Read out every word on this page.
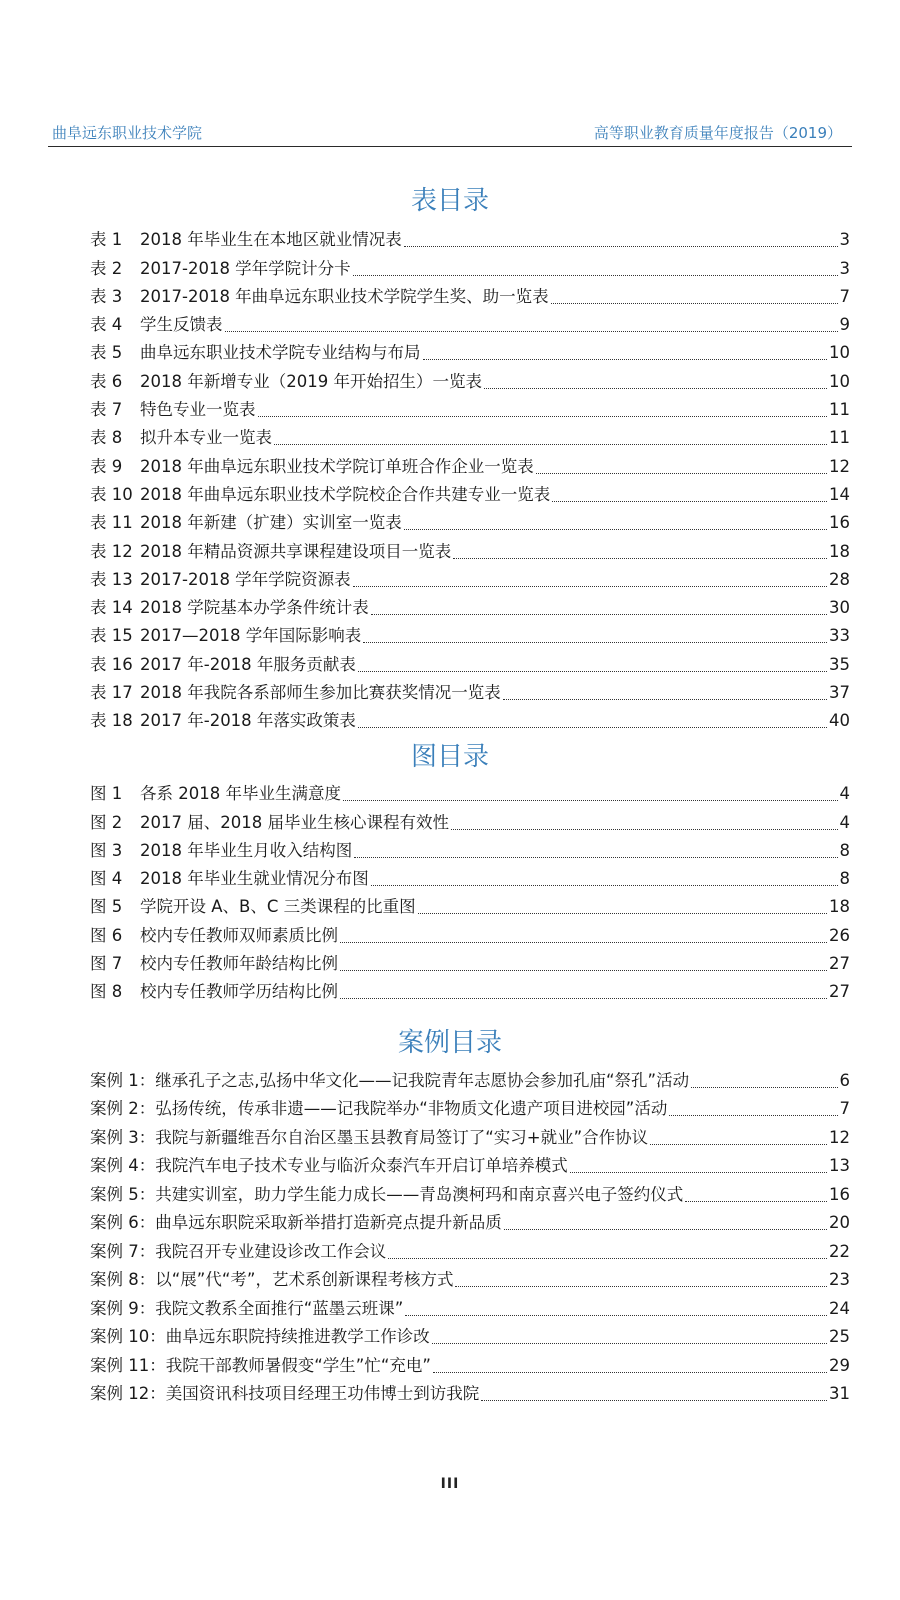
曲阜远东职业技术学院	高等职业教育质量年度报告（2019）
表目录
表 1	2018 年毕业生在本地区就业情况表	3
表 2	2017-2018 学年学院计分卡	3
表 3	2017-2018 年曲阜远东职业技术学院学生奖、助一览表	7
表 4	学生反馈表	9
表 5	曲阜远东职业技术学院专业结构与布局	10
表 6	2018 年新增专业（2019 年开始招生）一览表	10
表 7	特色专业一览表	11
表 8	拟升本专业一览表	11
表 9	2018 年曲阜远东职业技术学院订单班合作企业一览表	12
表 10 2018 年曲阜远东职业技术学院校企合作共建专业一览表	14
表 11 2018 年新建（扩建）实训室一览表	16
表 12 2018 年精品资源共享课程建设项目一览表	18
表 13 2017-2018 学年学院资源表	28
表 14 2018 学院基本办学条件统计表	30
表 15 2017—2018 学年国际影响表	33
表 16 2017 年-2018 年服务贡献表	35
表 17 2018 年我院各系部师生参加比赛获奖情况一览表	37
表 18 2017 年-2018 年落实政策表	40
图目录
图 1	各系 2018 年毕业生满意度	4
图 2	2017 届、2018 届毕业生核心课程有效性	4
图 3	2018 年毕业生月收入结构图	8
图 4	2018 年毕业生就业情况分布图	8
图 5	学院开设 A、B、C 三类课程的比重图	18
图 6	校内专任教师双师素质比例	26
图 7	校内专任教师年龄结构比例	27
图 8	校内专任教师学历结构比例	27
案例目录
案例 1： 继承孔子之志,弘扬中华文化——记我院青年志愿协会参加孔庙“祭孔”活动	6
案例 2： 弘扬传统，传承非遗——记我院举办“非物质文化遗产项目进校园”活动	7
案例 3： 我院与新疆维吾尔自治区墨玉县教育局签订了“实习+就业”合作协议	12
案例 4： 我院汽车电子技术专业与临沂众泰汽车开启订单培养模式	13
案例 5： 共建实训室，助力学生能力成长——青岛澳柯玛和南京喜兴电子签约仪式	16
案例 6： 曲阜远东职院采取新举措打造新亮点提升新品质	20
案例 7： 我院召开专业建设诊改工作会议	22
案例 8： 以“展”代“考”，艺术系创新课程考核方式	23
案例 9： 我院文教系全面推行“蓝墨云班课”	24
案例 10： 曲阜远东职院持续推进教学工作诊改	25
案例 11： 我院干部教师暑假变“学生”忙“充电”	29
案例 12： 美国资讯科技项目经理王功伟博士到访我院	31
III
